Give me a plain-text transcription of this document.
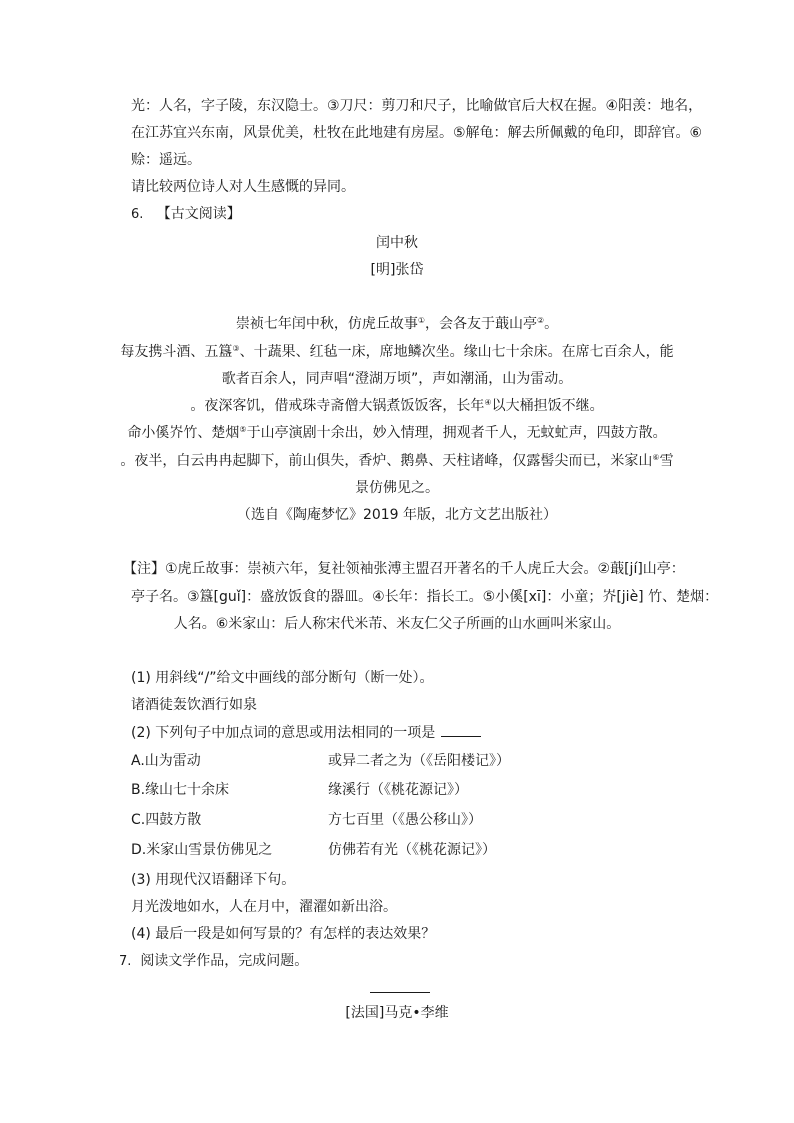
光：人名，字子陵，东汉隐士。③刀尺：剪刀和尺子，比喻做官后大权在握。④阳羡：地名，
在江苏宜兴东南，风景优美，杜牧在此地建有房屋。⑤解龟：解去所佩戴的龟印，即辞官。⑥
赊：遥远。
请比较两位诗人对人生感慨的异同。
6. 【古文阅读】
闰中秋
[明]张岱
崇祯七年闰中秋，仿虎丘故事①，会各友于蕺山亭②。
每友携斗酒、五簋③、十蔬果、红毡一床，席地鳞次坐。缘山七十余床。在席七百余人，能
歌者百余人，同声唱“澄湖万顷”，声如潮涌，山为雷动。
。夜深客饥，借戒珠寺斋僧大锅煮饭饭客，长年④以大桶担饭不继。
命小傒岕竹、楚烟⑤于山亭演剧十余出，妙入情理，拥观者千人，无蚊虻声，四鼓方散。
。夜半，白云冉冉起脚下，前山俱失，香炉、鹅鼻、天柱诸峰，仅露髻尖而已，米家山⑥雪
景仿佛见之。
（选自《陶庵梦忆》2019 年版，北方文艺出版社）
【注】①虎丘故事：崇祯六年，复社领袖张溥主盟召开著名的千人虎丘大会。②蕺[jí]山亭：
亭子名。③簋[guǐ]：盛放饭食的器皿。④长年：指长工。⑤小傒[xī]：小童；岕[jiè] 竹、楚烟：
人名。⑥米家山：后人称宋代米芾、米友仁父子所画的山水画叫米家山。
(1) 用斜线“/”给文中画线的部分断句（断一处）。
诸酒徒轰饮酒行如泉
(2) 下列句子中加点词的意思或用法相同的一项是
A.山为雷动	或异二者之为（《岳阳楼记》）
B.缘山七十余床	缘溪行（《桃花源记》）
C.四鼓方散	方七百里（《愚公移山》）
D.米家山雪景仿佛见之	仿佛若有光（《桃花源记》）
(3) 用现代汉语翻译下句。
月光泼地如水，人在月中，濯濯如新出浴。
(4) 最后一段是如何写景的？有怎样的表达效果？
7. 阅读文学作品，完成问题。
[法国]马克•李维
